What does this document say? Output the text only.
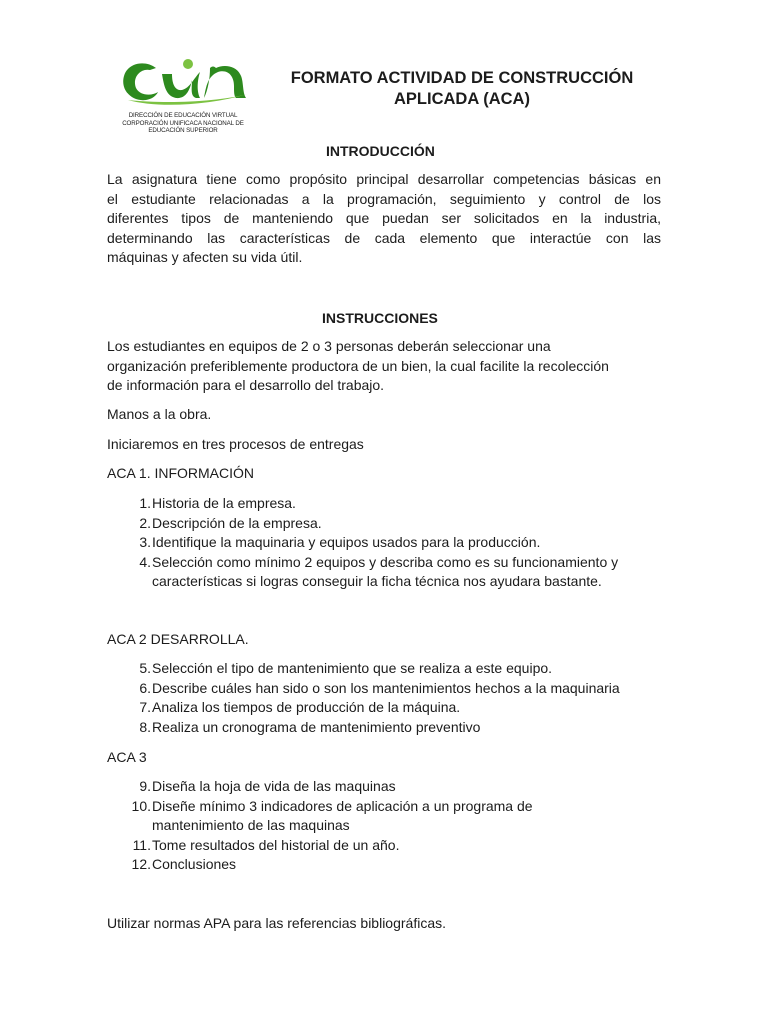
DIRECCIÓN DE EDUCACIÓN VIRTUAL
CORPORACIÓN UNIFICACA NACIONAL DE
EDUCACIÓN SUPERIOR
FORMATO ACTIVIDAD DE CONSTRUCCIÓN
APLICADA (ACA)
INTRODUCCIÓN
La asignatura tiene como propósito principal desarrollar competencias básicas en
el estudiante relacionadas a la programación, seguimiento y control de los
diferentes tipos de manteniendo que puedan ser solicitados en la industria,
determinando las características de cada elemento que interactúe con las
máquinas y afecten su vida útil.
INSTRUCCIONES
Los estudiantes en equipos de 2 o 3 personas deberán seleccionar una
organización preferiblemente productora de un bien, la cual facilite la recolección
de información para el desarrollo del trabajo.
Manos a la obra.
Iniciaremos en tres procesos de entregas
ACA 1. INFORMACIÓN
1. Historia de la empresa.
2. Descripción de la empresa.
3. Identifique la maquinaria y equipos usados para la producción.
4. Selección como mínimo 2 equipos y describa como es su funcionamiento y
características si logras conseguir la ficha técnica nos ayudara bastante.
ACA 2 DESARROLLA.
5. Selección el tipo de mantenimiento que se realiza a este equipo.
6. Describe cuáles han sido o son los mantenimientos hechos a la maquinaria
7. Analiza los tiempos de producción de la máquina.
8. Realiza un cronograma de mantenimiento preventivo
ACA 3
9. Diseña la hoja de vida de las maquinas
10. Diseñe mínimo 3 indicadores de aplicación a un programa de
mantenimiento de las maquinas
11. Tome resultados del historial de un año.
12. Conclusiones
Utilizar normas APA para las referencias bibliográficas.
